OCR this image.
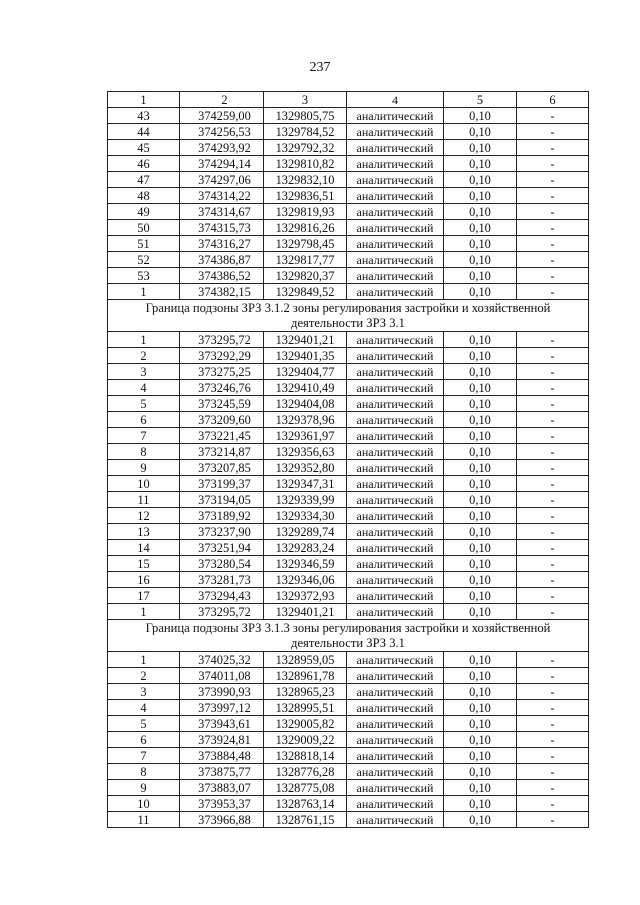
237
1	2	3	4	5	6
43	374259,00	1329805,75	аналитический	0,10	-
44	374256,53	1329784,52	аналитический	0,10	-
45	374293,92	1329792,32	аналитический	0,10	-
46	374294,14	1329810,82	аналитический	0,10	-
47	374297,06	1329832,10	аналитический	0,10	-
48	374314,22	1329836,51	аналитический	0,10	-
49	374314,67	1329819,93	аналитический	0,10	-
50	374315,73	1329816,26	аналитический	0,10	-
51	374316,27	1329798,45	аналитический	0,10	-
52	374386,87	1329817,77	аналитический	0,10	-
53	374386,52	1329820,37	аналитический	0,10	-
1	374382,15	1329849,52	аналитический	0,10	-
Граница подзоны ЗРЗ 3.1.2 зоны регулирования застройки и хозяйственной деятельности ЗРЗ 3.1					
1	373295,72	1329401,21	аналитический	0,10	-
2	373292,29	1329401,35	аналитический	0,10	-
3	373275,25	1329404,77	аналитический	0,10	-
4	373246,76	1329410,49	аналитический	0,10	-
5	373245,59	1329404,08	аналитический	0,10	-
6	373209,60	1329378,96	аналитический	0,10	-
7	373221,45	1329361,97	аналитический	0,10	-
8	373214,87	1329356,63	аналитический	0,10	-
9	373207,85	1329352,80	аналитический	0,10	-
10	373199,37	1329347,31	аналитический	0,10	-
11	373194,05	1329339,99	аналитический	0,10	-
12	373189,92	1329334,30	аналитический	0,10	-
13	373237,90	1329289,74	аналитический	0,10	-
14	373251,94	1329283,24	аналитический	0,10	-
15	373280,54	1329346,59	аналитический	0,10	-
16	373281,73	1329346,06	аналитический	0,10	-
17	373294,43	1329372,93	аналитический	0,10	-
1	373295,72	1329401,21	аналитический	0,10	-
Граница подзоны ЗРЗ 3.1.3 зоны регулирования застройки и хозяйственной деятельности ЗРЗ 3.1					
1	374025,32	1328959,05	аналитический	0,10	-
2	374011,08	1328961,78	аналитический	0,10	-
3	373990,93	1328965,23	аналитический	0,10	-
4	373997,12	1328995,51	аналитический	0,10	-
5	373943,61	1329005,82	аналитический	0,10	-
6	373924,81	1329009,22	аналитический	0,10	-
7	373884,48	1328818,14	аналитический	0,10	-
8	373875,77	1328776,28	аналитический	0,10	-
9	373883,07	1328775,08	аналитический	0,10	-
10	373953,37	1328763,14	аналитический	0,10	-
11	373966,88	1328761,15	аналитический	0,10	-
